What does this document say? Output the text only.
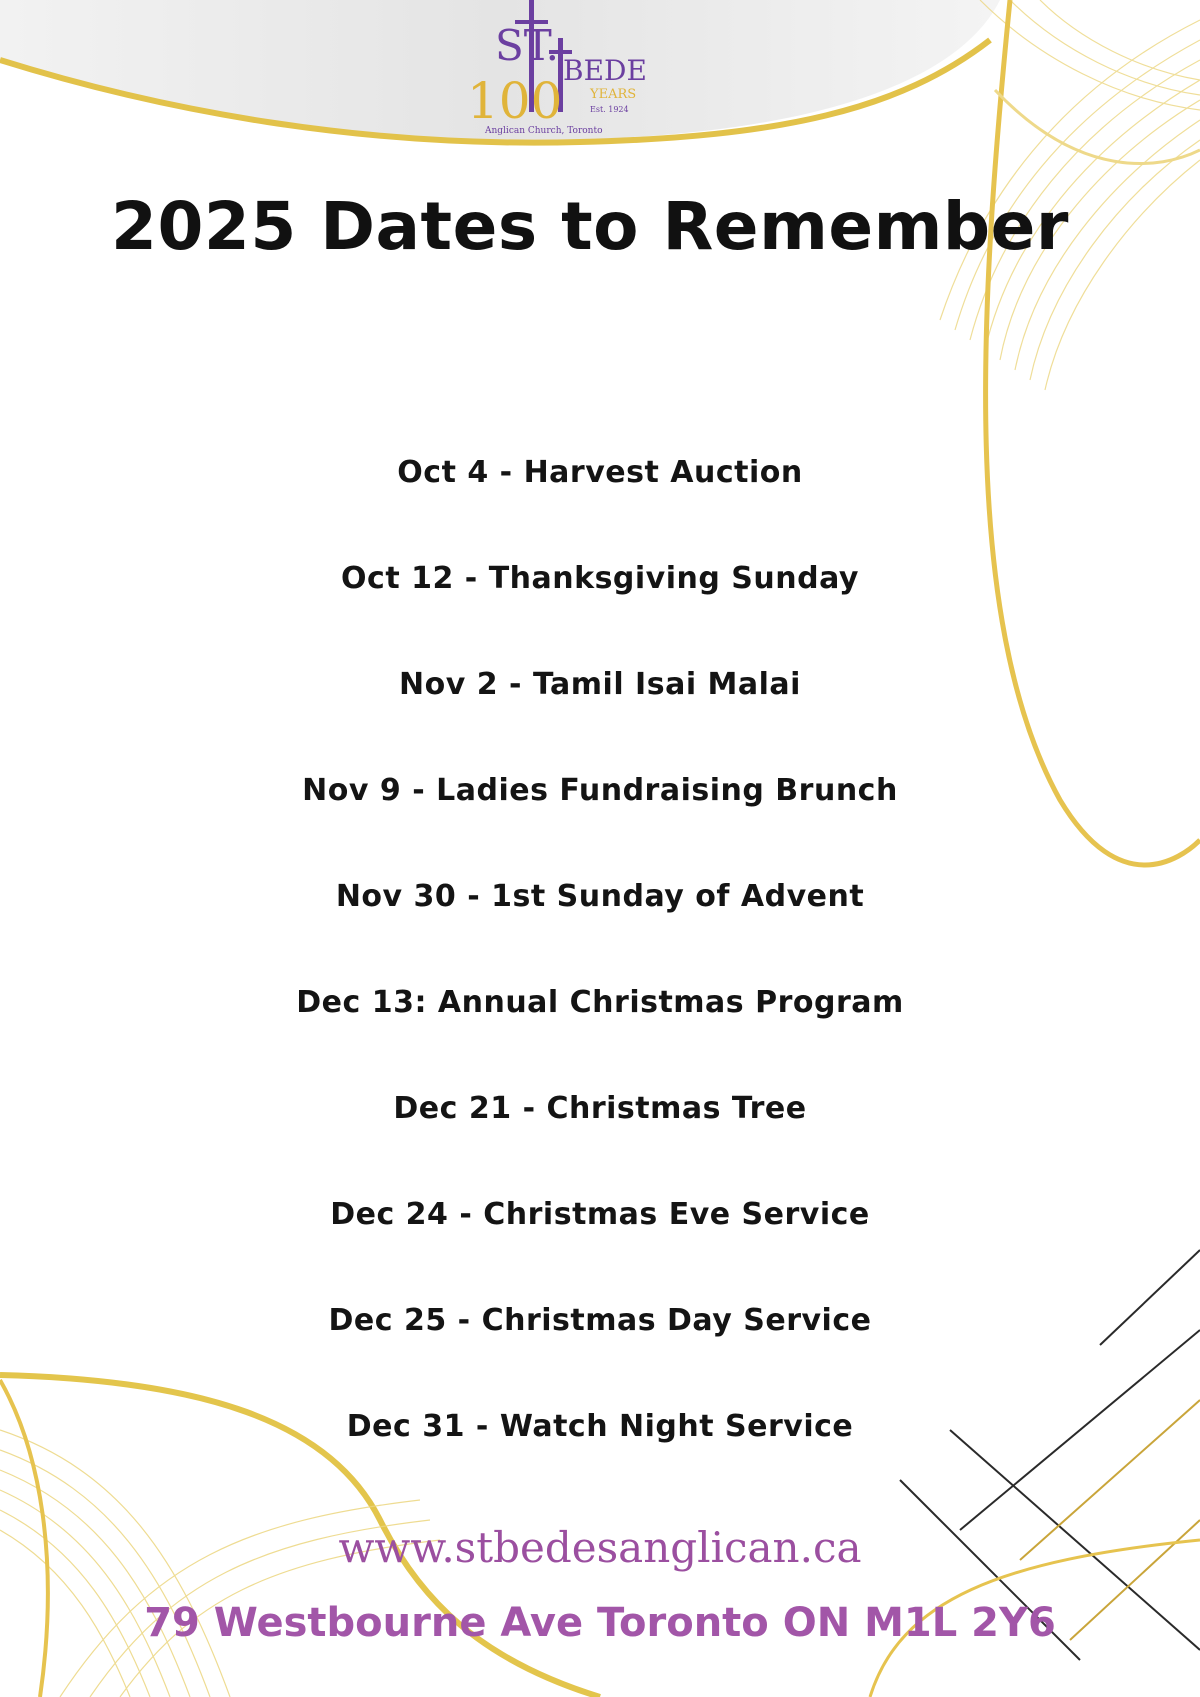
ST.
BEDE
100 YEARS
Est. 1924
Anglican Church, Toronto
2025 Dates to Remember
Oct 4 - Harvest Auction
Oct 12 - Thanksgiving Sunday
Nov 2 - Tamil Isai Malai
Nov 9 - Ladies Fundraising Brunch
Nov 30 - 1st Sunday of Advent
Dec 13: Annual Christmas Program
Dec 21 - Christmas Tree
Dec 24 - Christmas Eve Service
Dec 25 - Christmas Day Service
Dec 31 - Watch Night Service
www.stbedesanglican.ca
79 Westbourne Ave Toronto ON M1L 2Y6
